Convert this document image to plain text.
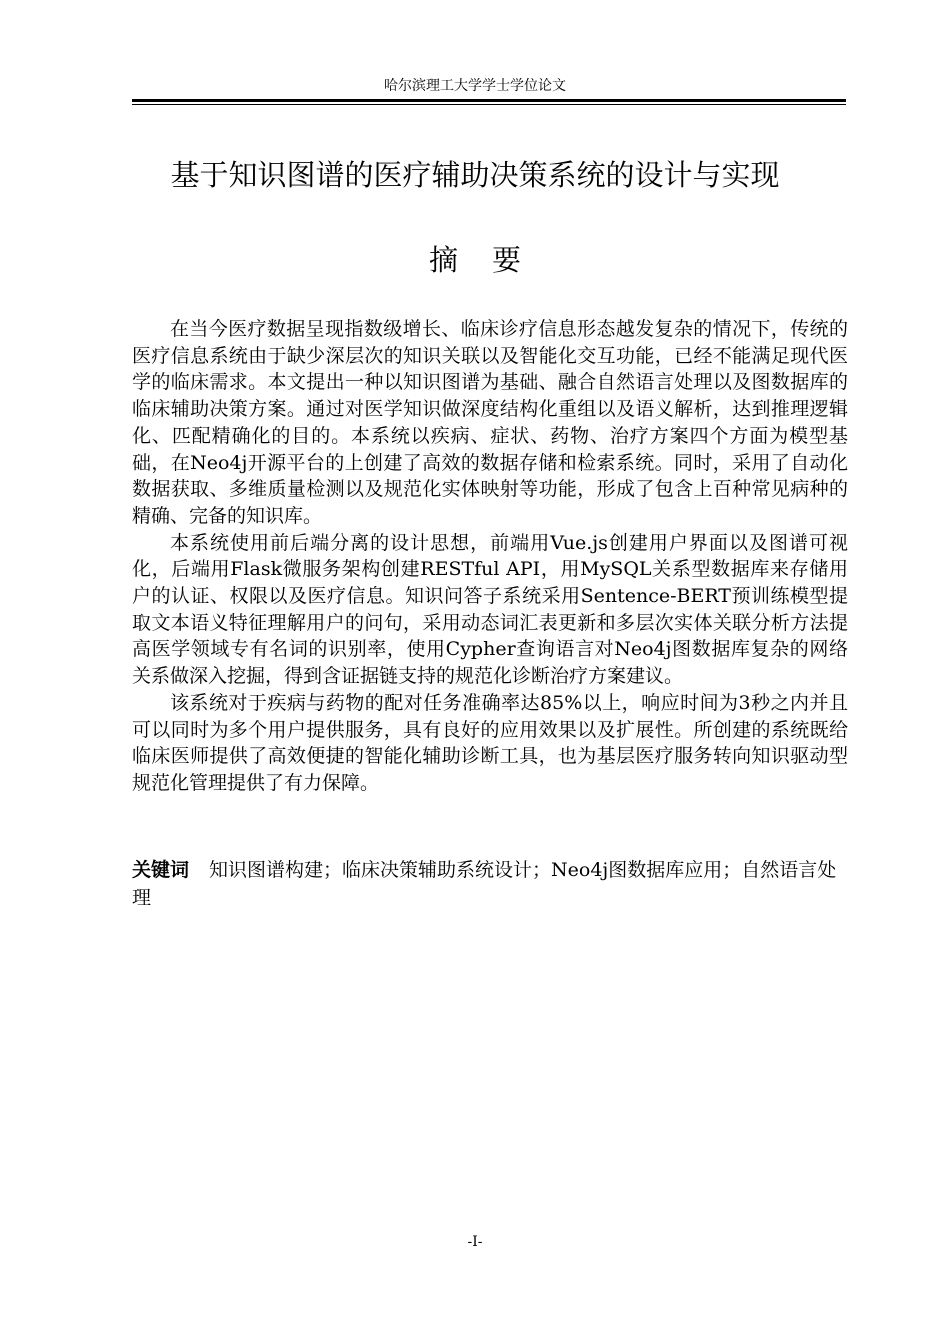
哈尔滨理工大学学士学位论文
基于知识图谱的医疗辅助决策系统的设计与实现
摘要

在当今医疗数据呈现指数级增长、临床诊疗信息形态越发复杂的情况下，传统的医疗信息系统由于缺少深层次的知识关联以及智能化交互功能，已经不能满足现代医学的临床需求。本文提出一种以知识图谱为基础、融合自然语言处理以及图数据库的临床辅助决策方案。通过对医学知识做深度结构化重组以及语义解析，达到推理逻辑化、匹配精确化的目的。本系统以疾病、症状、药物、治疗方案四个方面为模型基础，在Neo4j开源平台的上创建了高效的数据存储和检索系统。同时，采用了自动化数据获取、多维质量检测以及规范化实体映射等功能，形成了包含上百种常见病种的精确、完备的知识库。

本系统使用前后端分离的设计思想，前端用Vue.js创建用户界面以及图谱可视化，后端用Flask微服务架构创建RESTful API，用MySQL关系型数据库来存储用户的认证、权限以及医疗信息。知识问答子系统采用Sentence-BERT预训练模型提取文本语义特征理解用户的问句，采用动态词汇表更新和多层次实体关联分析方法提高医学领域专有名词的识别率，使用Cypher查询语言对Neo4j图数据库复杂的网络关系做深入挖掘，得到含证据链支持的规范化诊断治疗方案建议。

该系统对于疾病与药物的配对任务准确率达85%以上，响应时间为3秒之内并且可以同时为多个用户提供服务，具有良好的应用效果以及扩展性。所创建的系统既给临床医师提供了高效便捷的智能化辅助诊断工具，也为基层医疗服务转向知识驱动型规范化管理提供了有力保障。

关键词 知识图谱构建；临床决策辅助系统设计；Neo4j图数据库应用；自然语言处理

-I-
